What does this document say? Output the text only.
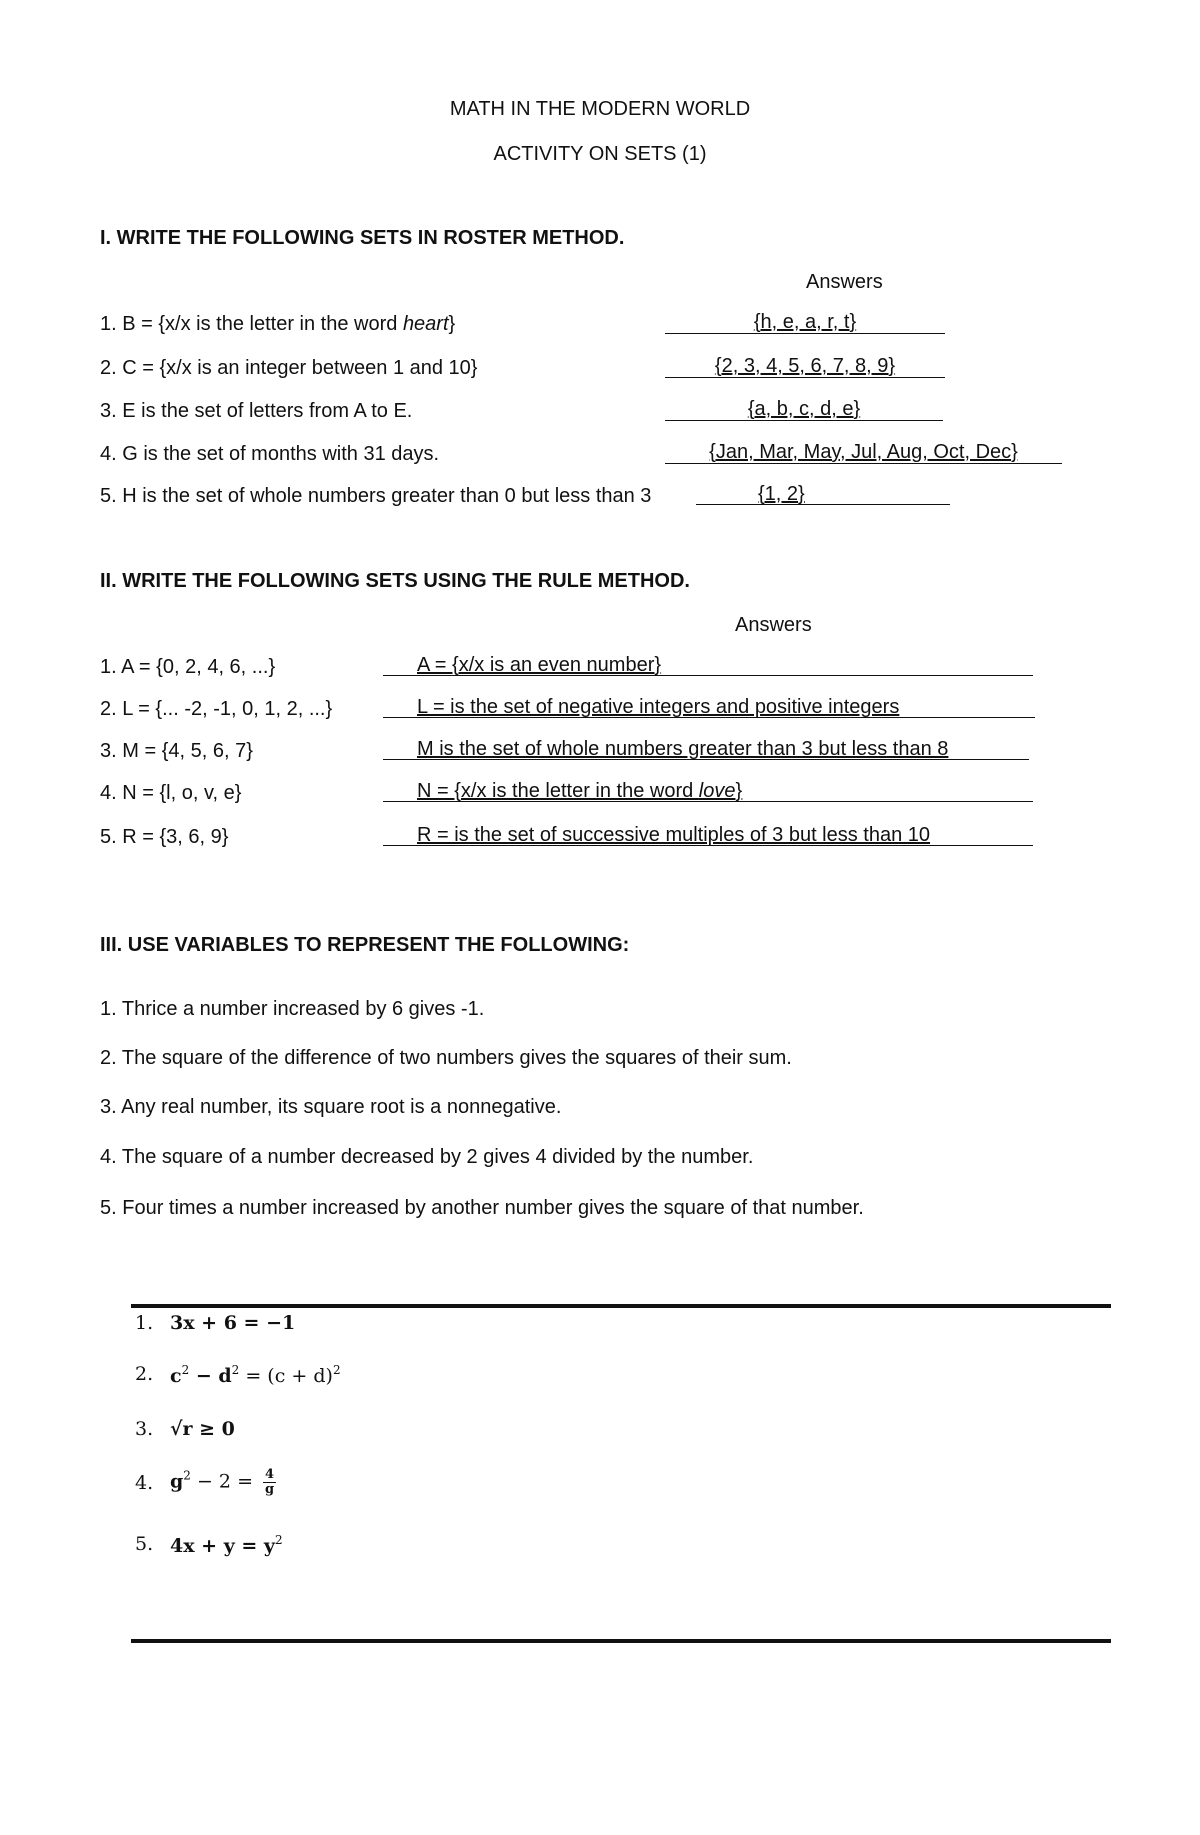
MATH IN THE MODERN WORLD
ACTIVITY ON SETS (1)
I. WRITE THE FOLLOWING SETS IN ROSTER METHOD.
Answers
1. B = {x/x is the letter in the word heart}	{h, e, a, r, t}
2. C = {x/x is an integer between 1 and 10}	{2, 3, 4, 5, 6, 7, 8, 9}
3. E is the set of letters from A to E.	{a, b, c, d, e}
4. G is the set of months with 31 days.	{Jan, Mar, May, Jul, Aug, Oct, Dec}
5. H is the set of whole numbers greater than 0 but less than 3	{1, 2}
II. WRITE THE FOLLOWING SETS USING THE RULE METHOD.
Answers
1. A = {0, 2, 4, 6, ...}	A = {x/x is an even number}
2. L = {... -2, -1, 0, 1, 2, ...}	L = is the set of negative integers and positive integers
3. M = {4, 5, 6, 7}	M is the set of whole numbers greater than 3 but less than 8
4. N = {l, o, v, e}	N = {x/x is the letter in the word love}
5. R = {3, 6, 9}	R = is the set of successive multiples of 3 but less than 10
III. USE VARIABLES TO REPRESENT THE FOLLOWING:
1. Thrice a number increased by 6 gives -1.
2. The square of the difference of two numbers gives the squares of their sum.
3. Any real number, its square root is a nonnegative.
4. The square of a number decreased by 2 gives 4 divided by the number.
5. Four times a number increased by another number gives the square of that number.
1. 3x + 6 = −1
2. $c^2 - d^2 = (c + d)^2$
3. √r ≥ 0
4. $g^2 - 2 = \frac{4}{g}$
5. $4x + y = y^2$
